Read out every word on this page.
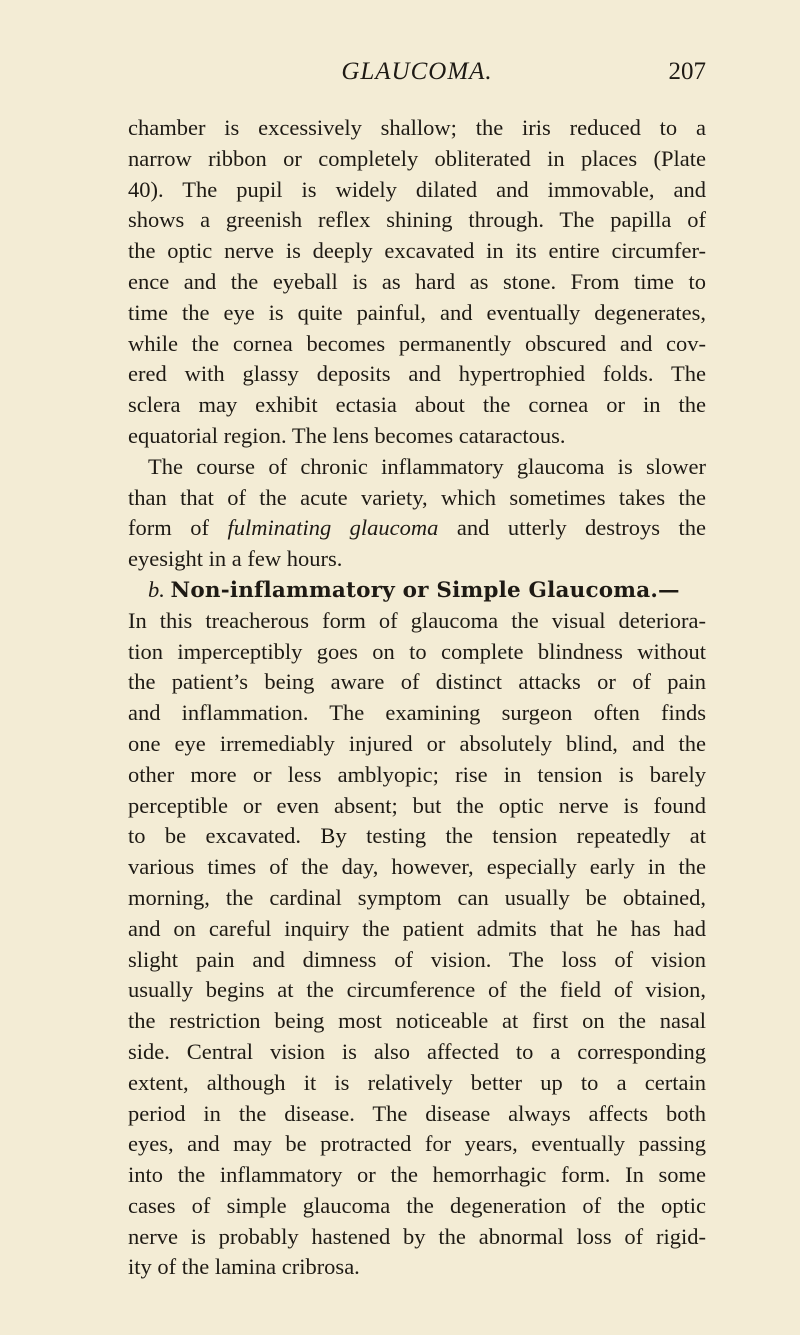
GLAUCOMA.	207
chamber is excessively shallow; the iris reduced to a
narrow ribbon or completely obliterated in places (Plate
40). The pupil is widely dilated and immovable, and
shows a greenish reflex shining through. The papilla of
the optic nerve is deeply excavated in its entire circumfer-
ence and the eyeball is as hard as stone. From time to
time the eye is quite painful, and eventually degenerates,
while the cornea becomes permanently obscured and cov-
ered with glassy deposits and hypertrophied folds. The
sclera may exhibit ectasia about the cornea or in the
equatorial region. The lens becomes cataractous.
The course of chronic inflammatory glaucoma is slower
than that of the acute variety, which sometimes takes the
form of fulminating glaucoma and utterly destroys the
eyesight in a few hours.
b. Non-inflammatory or Simple Glaucoma.—
In this treacherous form of glaucoma the visual deteriora-
tion imperceptibly goes on to complete blindness without
the patient’s being aware of distinct attacks or of pain
and inflammation. The examining surgeon often finds
one eye irremediably injured or absolutely blind, and the
other more or less amblyopic; rise in tension is barely
perceptible or even absent; but the optic nerve is found
to be excavated. By testing the tension repeatedly at
various times of the day, however, especially early in the
morning, the cardinal symptom can usually be obtained,
and on careful inquiry the patient admits that he has had
slight pain and dimness of vision. The loss of vision
usually begins at the circumference of the field of vision,
the restriction being most noticeable at first on the nasal
side. Central vision is also affected to a corresponding
extent, although it is relatively better up to a certain
period in the disease. The disease always affects both
eyes, and may be protracted for years, eventually passing
into the inflammatory or the hemorrhagic form. In some
cases of simple glaucoma the degeneration of the optic
nerve is probably hastened by the abnormal loss of rigid-
ity of the lamina cribrosa.
